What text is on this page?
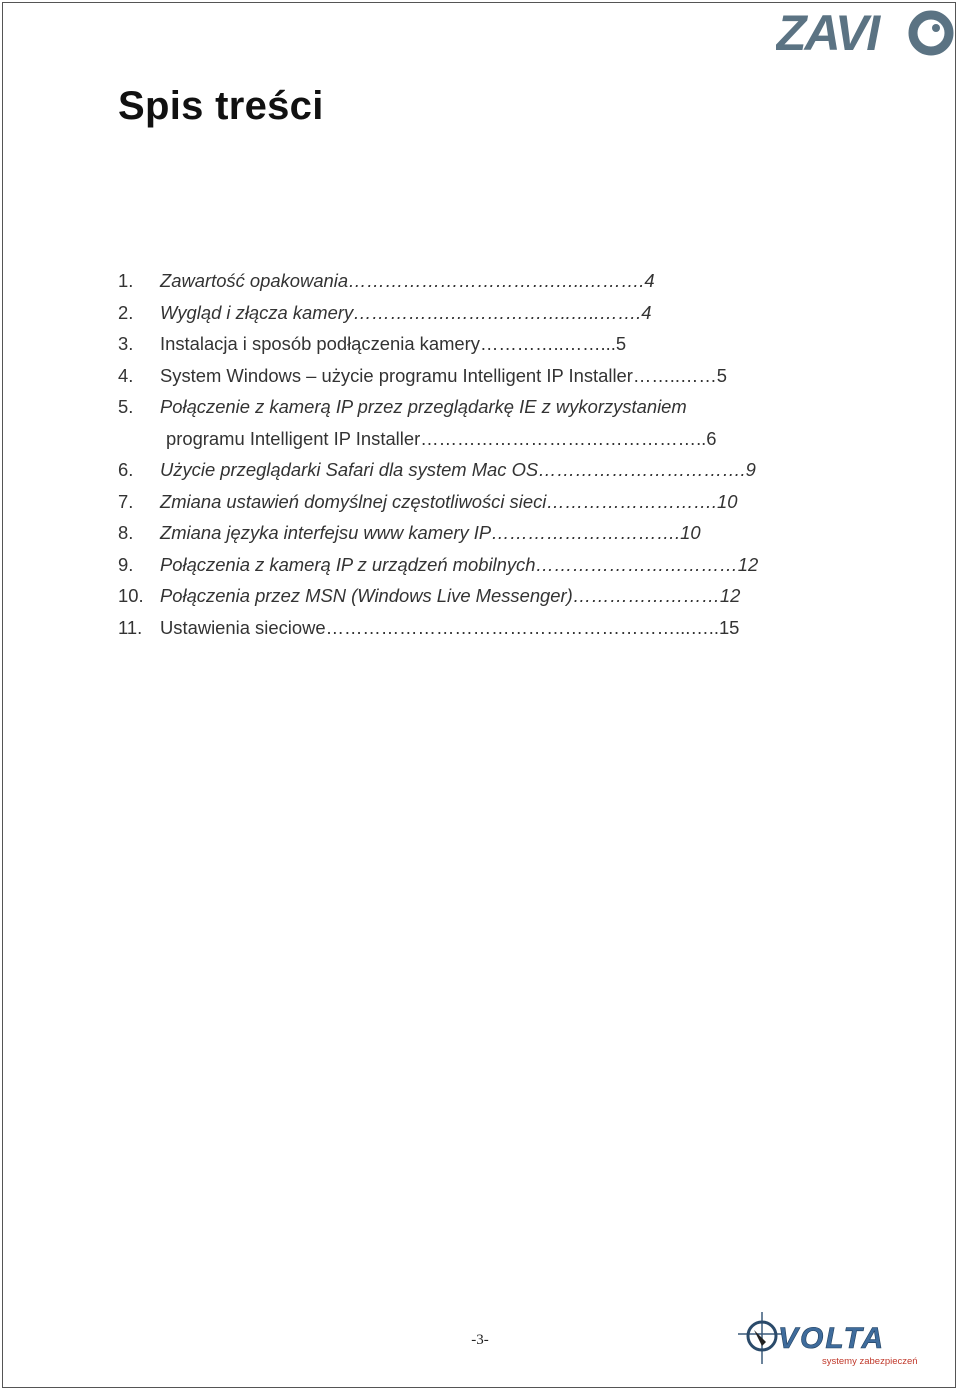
ZAVI
Spis treści
1. Zawartość opakowania…………………………….…..……….4
2. Wygląd i złącza kamery…………….………………..…..…….4
3. Instalacja i sposób podłączenia kamery…………..……...5
4. System Windows – użycie programu Intelligent IP Installer……..……5
5. Połączenie z kamerą IP przez przeglądarkę IE z wykorzystaniem
programu Intelligent IP Installer………………………………………..6
6. Użycie przeglądarki Safari dla system Mac OS…………………………….9
7. Zmiana ustawień domyślnej częstotliwości sieci……………………….10
8. Zmiana języka interfejsu www kamery IP………………………….10
9. Połączenia z kamerą IP z urządzeń mobilnych……………………………12
10. Połączenia przez MSN (Windows Live Messenger)……………………12
11. Ustawienia sieciowe…………………………………………………...…..15
-3-	VOLTA
systemy zabezpieczeń
